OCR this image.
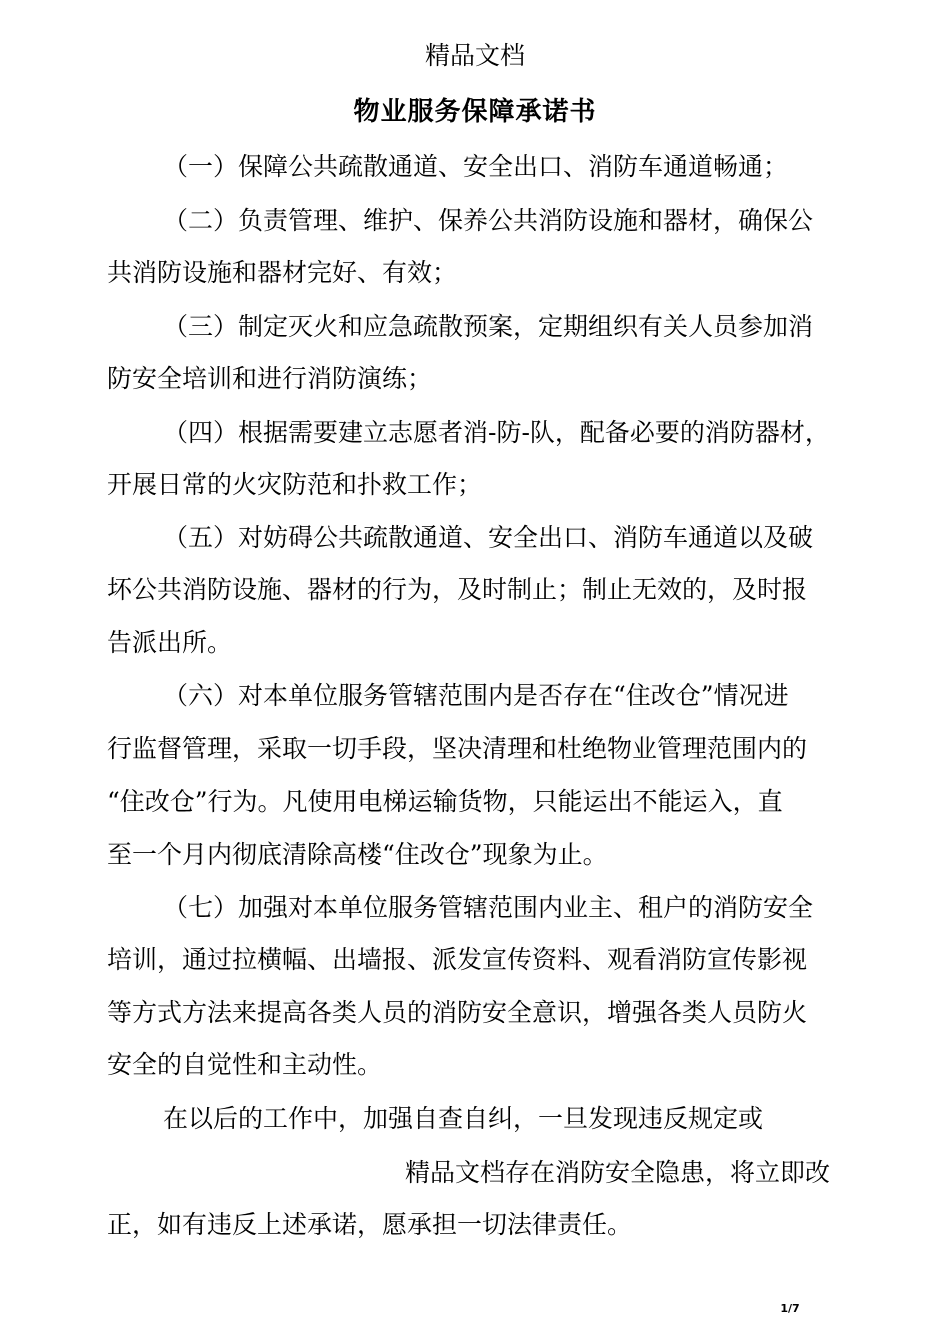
精品文档
物业服务保障承诺书
（一）保障公共疏散通道、安全出口、消防车通道畅通；
（二）负责管理、维护、保养公共消防设施和器材，确保公
共消防设施和器材完好、有效；
（三）制定灭火和应急疏散预案，定期组织有关人员参加消
防安全培训和进行消防演练；
（四）根据需要建立志愿者消-防-队，配备必要的消防器材，
开展日常的火灾防范和扑救工作；
（五）对妨碍公共疏散通道、安全出口、消防车通道以及破
坏公共消防设施、器材的行为，及时制止；制止无效的，及时报
告派出所。
（六）对本单位服务管辖范围内是否存在“住改仓”情况进
行监督管理，采取一切手段，坚决清理和杜绝物业管理范围内的
“住改仓”行为。凡使用电梯运输货物，只能运出不能运入，直
至一个月内彻底清除高楼“住改仓”现象为止。
（七）加强对本单位服务管辖范围内业主、租户的消防安全
培训，通过拉横幅、出墙报、派发宣传资料、观看消防宣传影视
等方式方法来提高各类人员的消防安全意识，增强各类人员防火
安全的自觉性和主动性。
在以后的工作中，加强自查自纠，一旦发现违反规定或
精品文档存在消防安全隐患，将立即改
正，如有违反上述承诺，愿承担一切法律责任。
1/7
